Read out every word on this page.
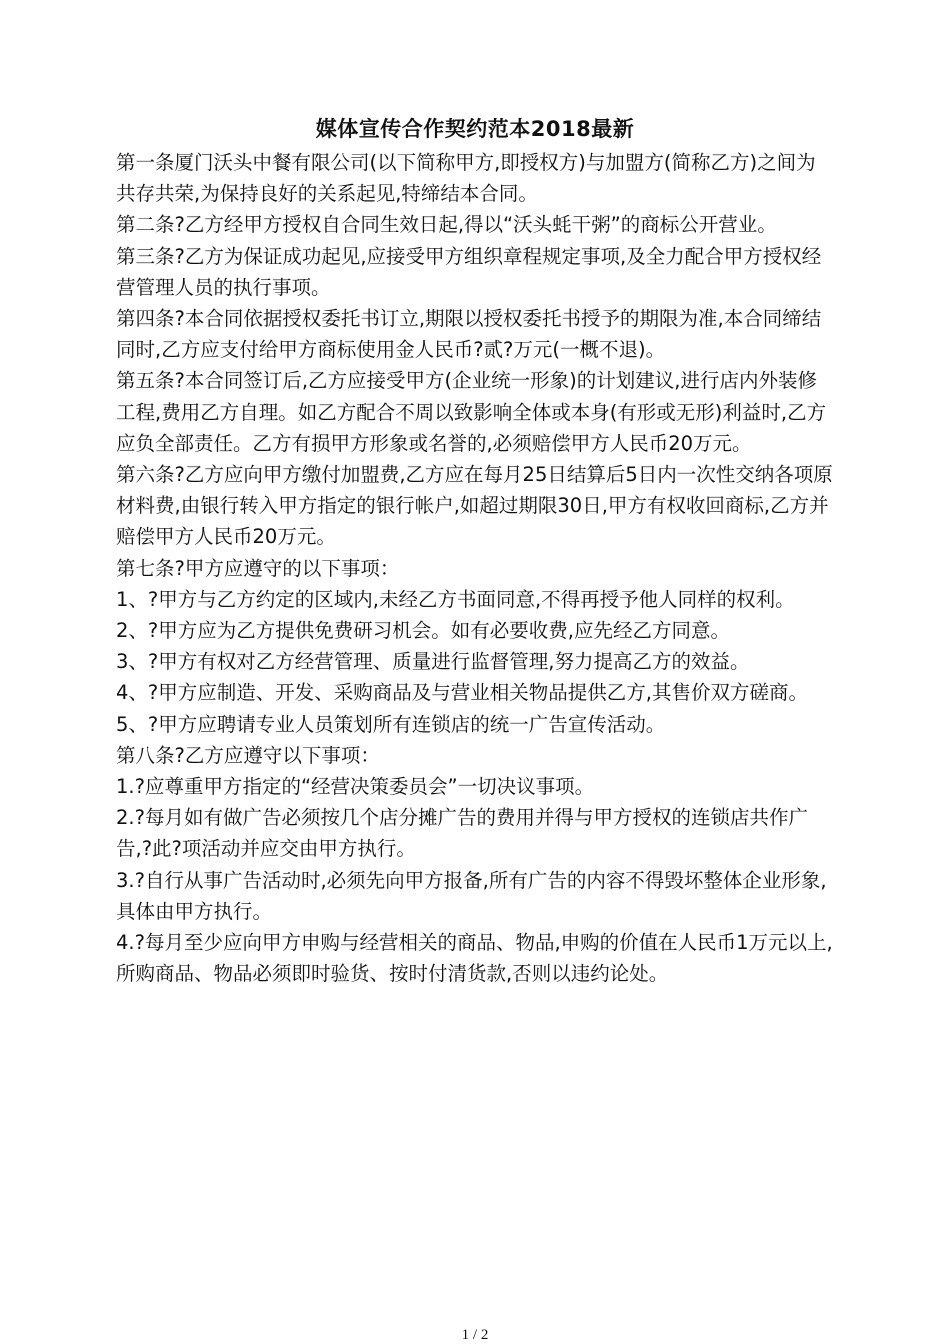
媒体宣传合作契约范本2018最新

第一条厦门沃头中餐有限公司(以下简称甲方,即授权方)与加盟方(简称乙方)之间为共存共荣,为保持良好的关系起见,特缔结本合同。

第二条?乙方经甲方授权自合同生效日起,得以“沃头蚝干粥”的商标公开营业。

第三条?乙方为保证成功起见,应接受甲方组织章程规定事项,及全力配合甲方授权经营管理人员的执行事项。

第四条?本合同依据授权委托书订立,期限以授权委托书授予的期限为准,本合同缔结同时,乙方应支付给甲方商标使用金人民币?贰?万元(一概不退)。

第五条?本合同签订后,乙方应接受甲方(企业统一形象)的计划建议,进行店内外装修工程,费用乙方自理。如乙方配合不周以致影响全体或本身(有形或无形)利益时,乙方应负全部责任。乙方有损甲方形象或名誉的,必须赔偿甲方人民币20万元。

第六条?乙方应向甲方缴付加盟费,乙方应在每月25日结算后5日内一次性交纳各项原材料费,由银行转入甲方指定的银行帐户,如超过期限30日,甲方有权收回商标,乙方并赔偿甲方人民币20万元。

第七条?甲方应遵守的以下事项：

1、?甲方与乙方约定的区域内,未经乙方书面同意,不得再授予他人同样的权利。

2、?甲方应为乙方提供免费研习机会。如有必要收费,应先经乙方同意。

3、?甲方有权对乙方经营管理、质量进行监督管理,努力提高乙方的效益。

4、?甲方应制造、开发、采购商品及与营业相关物品提供乙方,其售价双方磋商。

5、?甲方应聘请专业人员策划所有连锁店的统一广告宣传活动。

第八条?乙方应遵守以下事项：

1.?应尊重甲方指定的“经营决策委员会”一切决议事项。

2.?每月如有做广告必须按几个店分摊广告的费用并得与甲方授权的连锁店共作广告,?此?项活动并应交由甲方执行。

3.?自行从事广告活动时,必须先向甲方报备,所有广告的内容不得毁坏整体企业形象,具体由甲方执行。

4.?每月至少应向甲方申购与经营相关的商品、物品,申购的价值在人民币1万元以上,所购商品、物品必须即时验货、按时付清货款,否则以违约论处。

1 / 2
